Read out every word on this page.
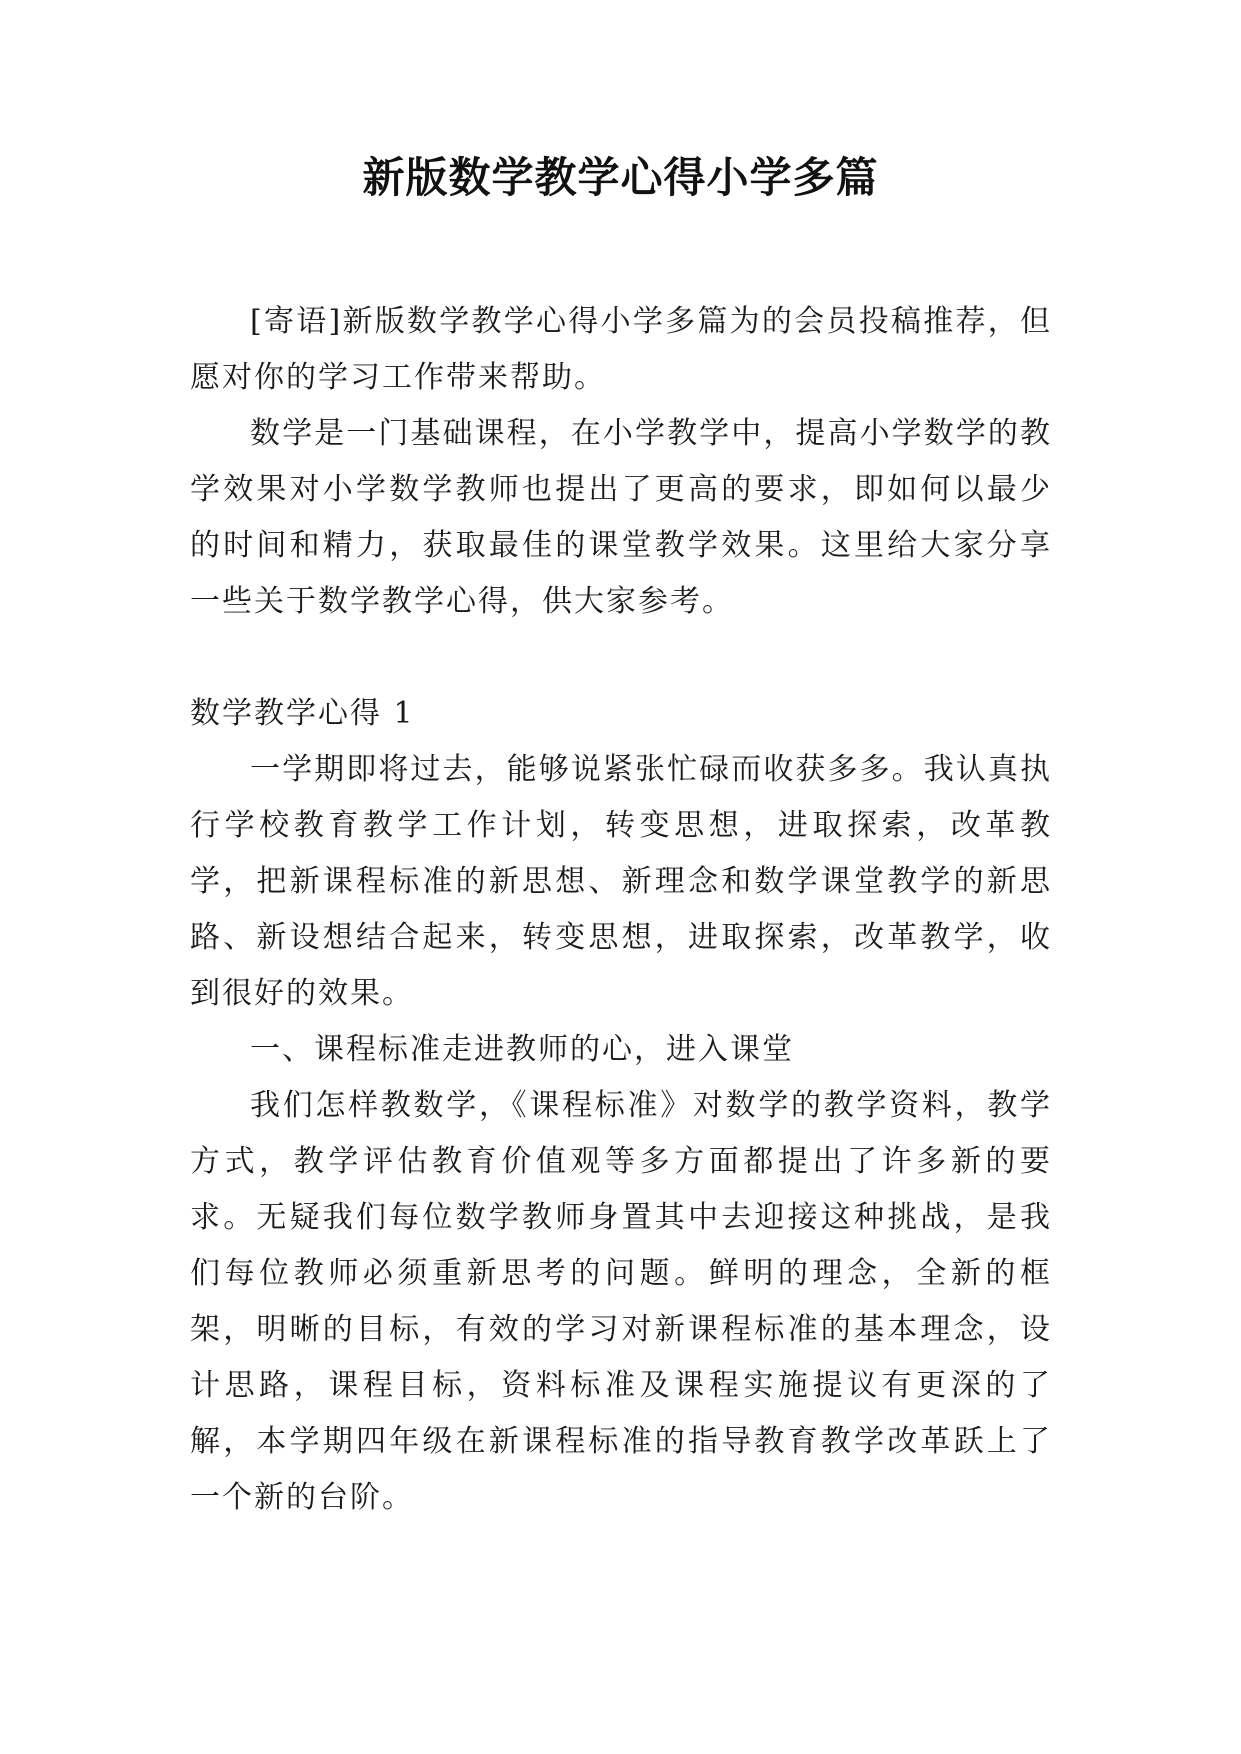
新版数学教学心得小学多篇

[寄语]新版数学教学心得小学多篇为的会员投稿推荐，但愿对你的学习工作带来帮助。

数学是一门基础课程，在小学教学中，提高小学数学的教学效果对小学数学教师也提出了更高的要求，即如何以最少的时间和精力，获取最佳的课堂教学效果。这里给大家分享一些关于数学教学心得，供大家参考。

数学教学心得 1

一学期即将过去，能够说紧张忙碌而收获多多。我认真执行学校教育教学工作计划，转变思想，进取探索，改革教学，把新课程标准的新思想、新理念和数学课堂教学的新思路、新设想结合起来，转变思想，进取探索，改革教学，收到很好的效果。

一、课程标准走进教师的心，进入课堂

我们怎样教数学，《课程标准》对数学的教学资料，教学方式，教学评估教育价值观等多方面都提出了许多新的要求。无疑我们每位数学教师身置其中去迎接这种挑战，是我们每位教师必须重新思考的问题。鲜明的理念，全新的框架，明晰的目标，有效的学习对新课程标准的基本理念，设计思路，课程目标，资料标准及课程实施提议有更深的了解，本学期四年级在新课程标准的指导教育教学改革跃上了一个新的台阶。
